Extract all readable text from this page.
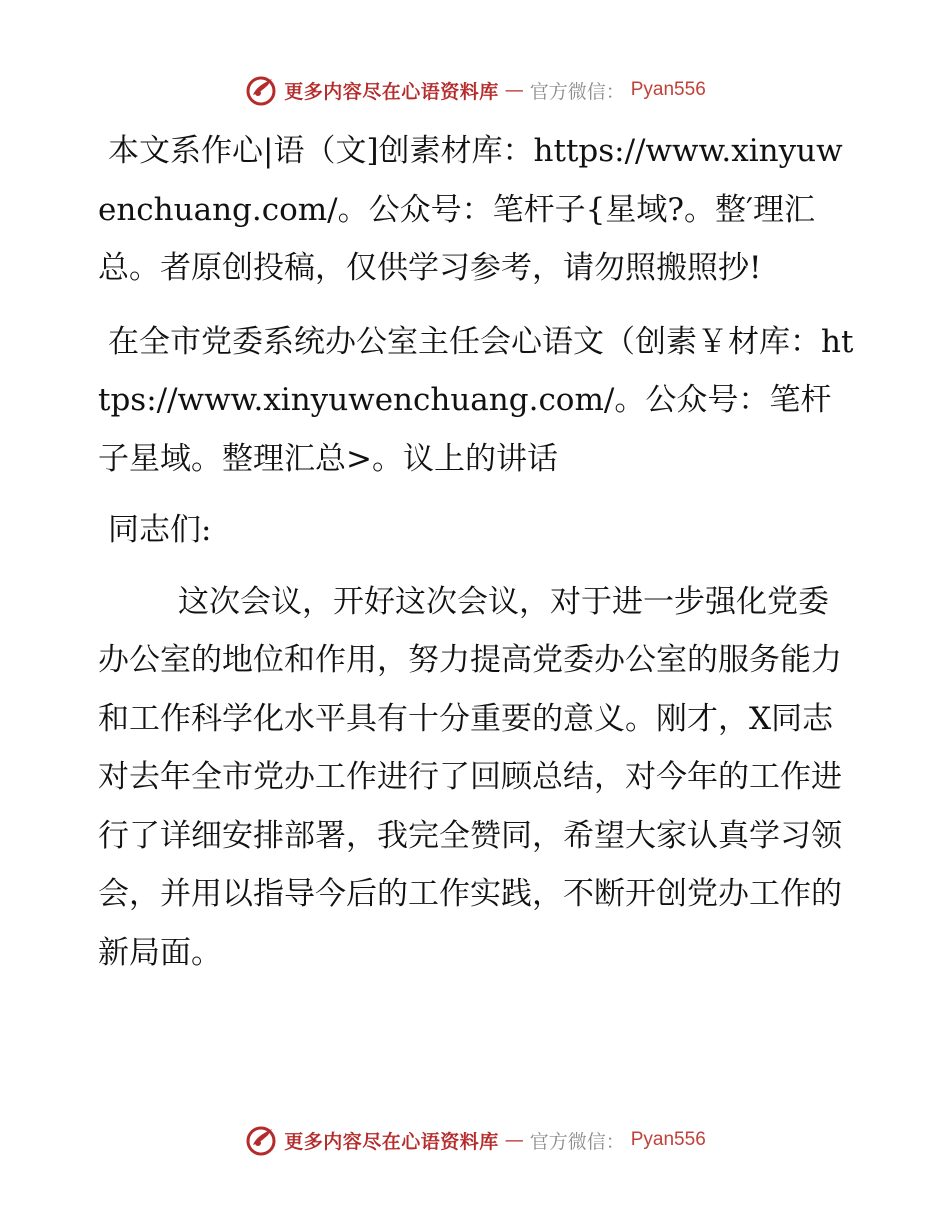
更多内容尽在心语资料库 — 官方微信： Pyan556

本文系作心|语（文]创素材库：https://www.xinyuwenchuang.com/。公众号：笔杆子{星域?。整′理汇总。者原创投稿，仅供学习参考，请勿照搬照抄!

在全市党委系统办公室主任会心语文（创素￥材库：https://www.xinyuwenchuang.com/。公众号：笔杆子星域。整理汇总>。议上的讲话

同志们:

这次会议，开好这次会议，对于进一步强化党委办公室的地位和作用，努力提高党委办公室的服务能力和工作科学化水平具有十分重要的意义。刚才，X同志对去年全市党办工作进行了回顾总结，对今年的工作进行了详细安排部署，我完全赞同，希望大家认真学习领会，并用以指导今后的工作实践，不断开创党办工作的新局面。

更多内容尽在心语资料库 — 官方微信： Pyan556
